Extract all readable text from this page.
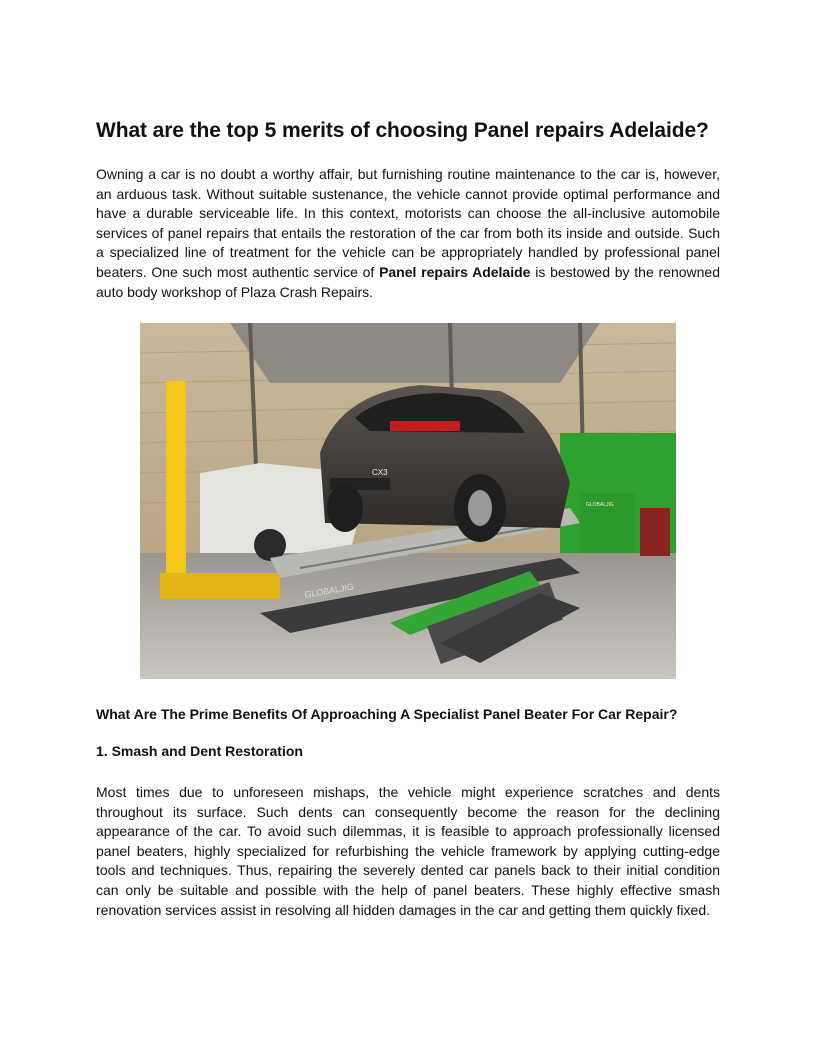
What are the top 5 merits of choosing Panel repairs Adelaide?

Owning a car is no doubt a worthy affair, but furnishing routine maintenance to the car is, however, an arduous task. Without suitable sustenance, the vehicle cannot provide optimal performance and have a durable serviceable life. In this context, motorists can choose the all-inclusive automobile services of panel repairs that entails the restoration of the car from both its inside and outside. Such a specialized line of treatment for the vehicle can be appropriately handled by professional panel beaters. One such most authentic service of Panel repairs Adelaide is bestowed by the renowned auto body workshop of Plaza Crash Repairs.

CX3
GLOBALJIG
GLOBALJIG

What Are The Prime Benefits Of Approaching A Specialist Panel Beater For Car Repair?

1. Smash and Dent Restoration

Most times due to unforeseen mishaps, the vehicle might experience scratches and dents throughout its surface. Such dents can consequently become the reason for the declining appearance of the car. To avoid such dilemmas, it is feasible to approach professionally licensed panel beaters, highly specialized for refurbishing the vehicle framework by applying cutting-edge tools and techniques. Thus, repairing the severely dented car panels back to their initial condition can only be suitable and possible with the help of panel beaters. These highly effective smash renovation services assist in resolving all hidden damages in the car and getting them quickly fixed.
